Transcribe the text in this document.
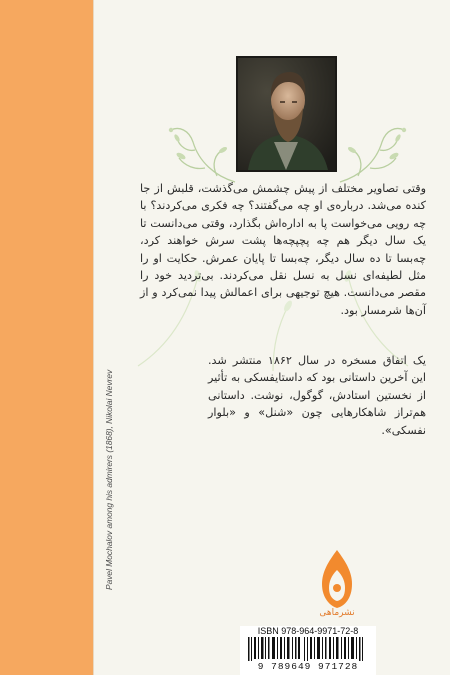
Pavel Mochalov among his admirers (1868), Nikolai Nevrev

وقتی تصاویر مختلف از پیش چشمش می‌گذشت، قلبش از جا کنده می‌شد. درباره‌ی او چه می‌گفتند؟ چه فکری می‌کردند؟ با چه رویی می‌خواست پا به اداره‌اش بگذارد، وقتی می‌دانست تا یک سال دیگر هم چه پچپچه‌ها پشت سرش خواهند کرد، چه‌بسا تا ده سال دیگر، چه‌بسا تا پایان عمرش. حکایت او را مثل لطیفه‌ای نسل به نسل نقل می‌کردند. بی‌تردید خود را مقصر می‌دانست. هیچ توجیهی برای اعمالش پیدا نمی‌کرد و از آن‌ها شرمسار بود.

یک اتفاق مسخره در سال ۱۸۶۲ منتشر شد. این آخرین داستانی بود که داستایفسکی به تأثیر از نخستین استادش، گوگول، نوشت. داستانی هم‌تراز شاهکارهایی چون «شنل» و «بلوار نفسکی».

نشرماهی
ISBN 978-964-9971-72-8
9 789649 971728
